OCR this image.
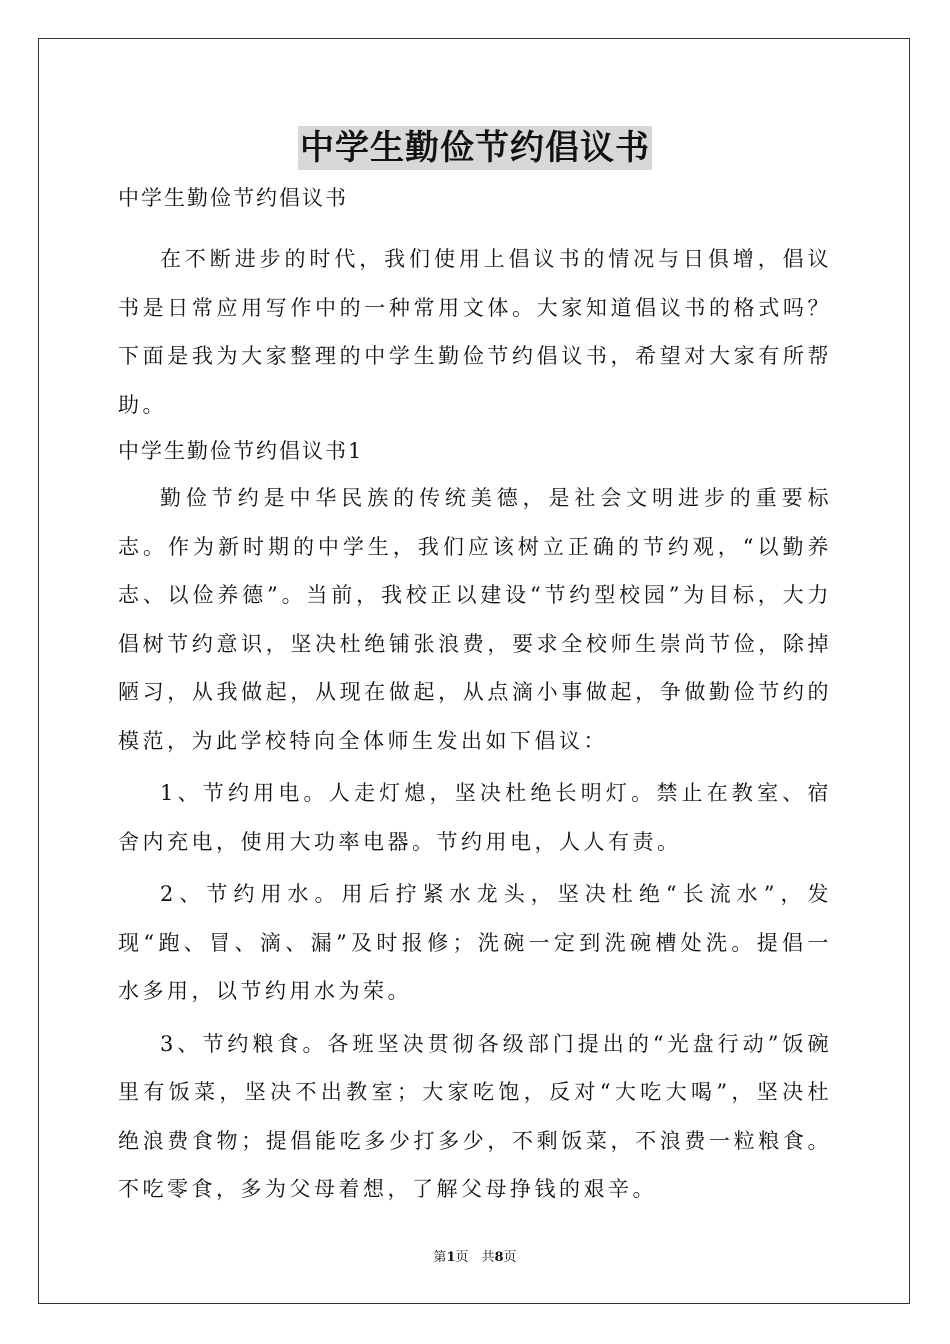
中学生勤俭节约倡议书

中学生勤俭节约倡议书

在不断进步的时代，我们使用上倡议书的情况与日俱增，倡议书是日常应用写作中的一种常用文体。大家知道倡议书的格式吗？下面是我为大家整理的中学生勤俭节约倡议书，希望对大家有所帮助。

中学生勤俭节约倡议书1

勤俭节约是中华民族的传统美德，是社会文明进步的重要标志。作为新时期的中学生，我们应该树立正确的节约观，“以勤养志、以俭养德”。当前，我校正以建设“节约型校园”为目标，大力倡树节约意识，坚决杜绝铺张浪费，要求全校师生崇尚节俭，除掉陋习，从我做起，从现在做起，从点滴小事做起，争做勤俭节约的模范，为此学校特向全体师生发出如下倡议：

1、节约用电。人走灯熄，坚决杜绝长明灯。禁止在教室、宿舍内充电，使用大功率电器。节约用电，人人有责。

2、节约用水。用后拧紧水龙头，坚决杜绝“长流水”，发现“跑、冒、滴、漏”及时报修；洗碗一定到洗碗槽处洗。提倡一水多用，以节约用水为荣。

3、节约粮食。各班坚决贯彻各级部门提出的“光盘行动”饭碗里有饭菜，坚决不出教室；大家吃饱，反对“大吃大喝”，坚决杜绝浪费食物；提倡能吃多少打多少，不剩饭菜，不浪费一粒粮食。不吃零食，多为父母着想，了解父母挣钱的艰辛。

第1页　共8页
